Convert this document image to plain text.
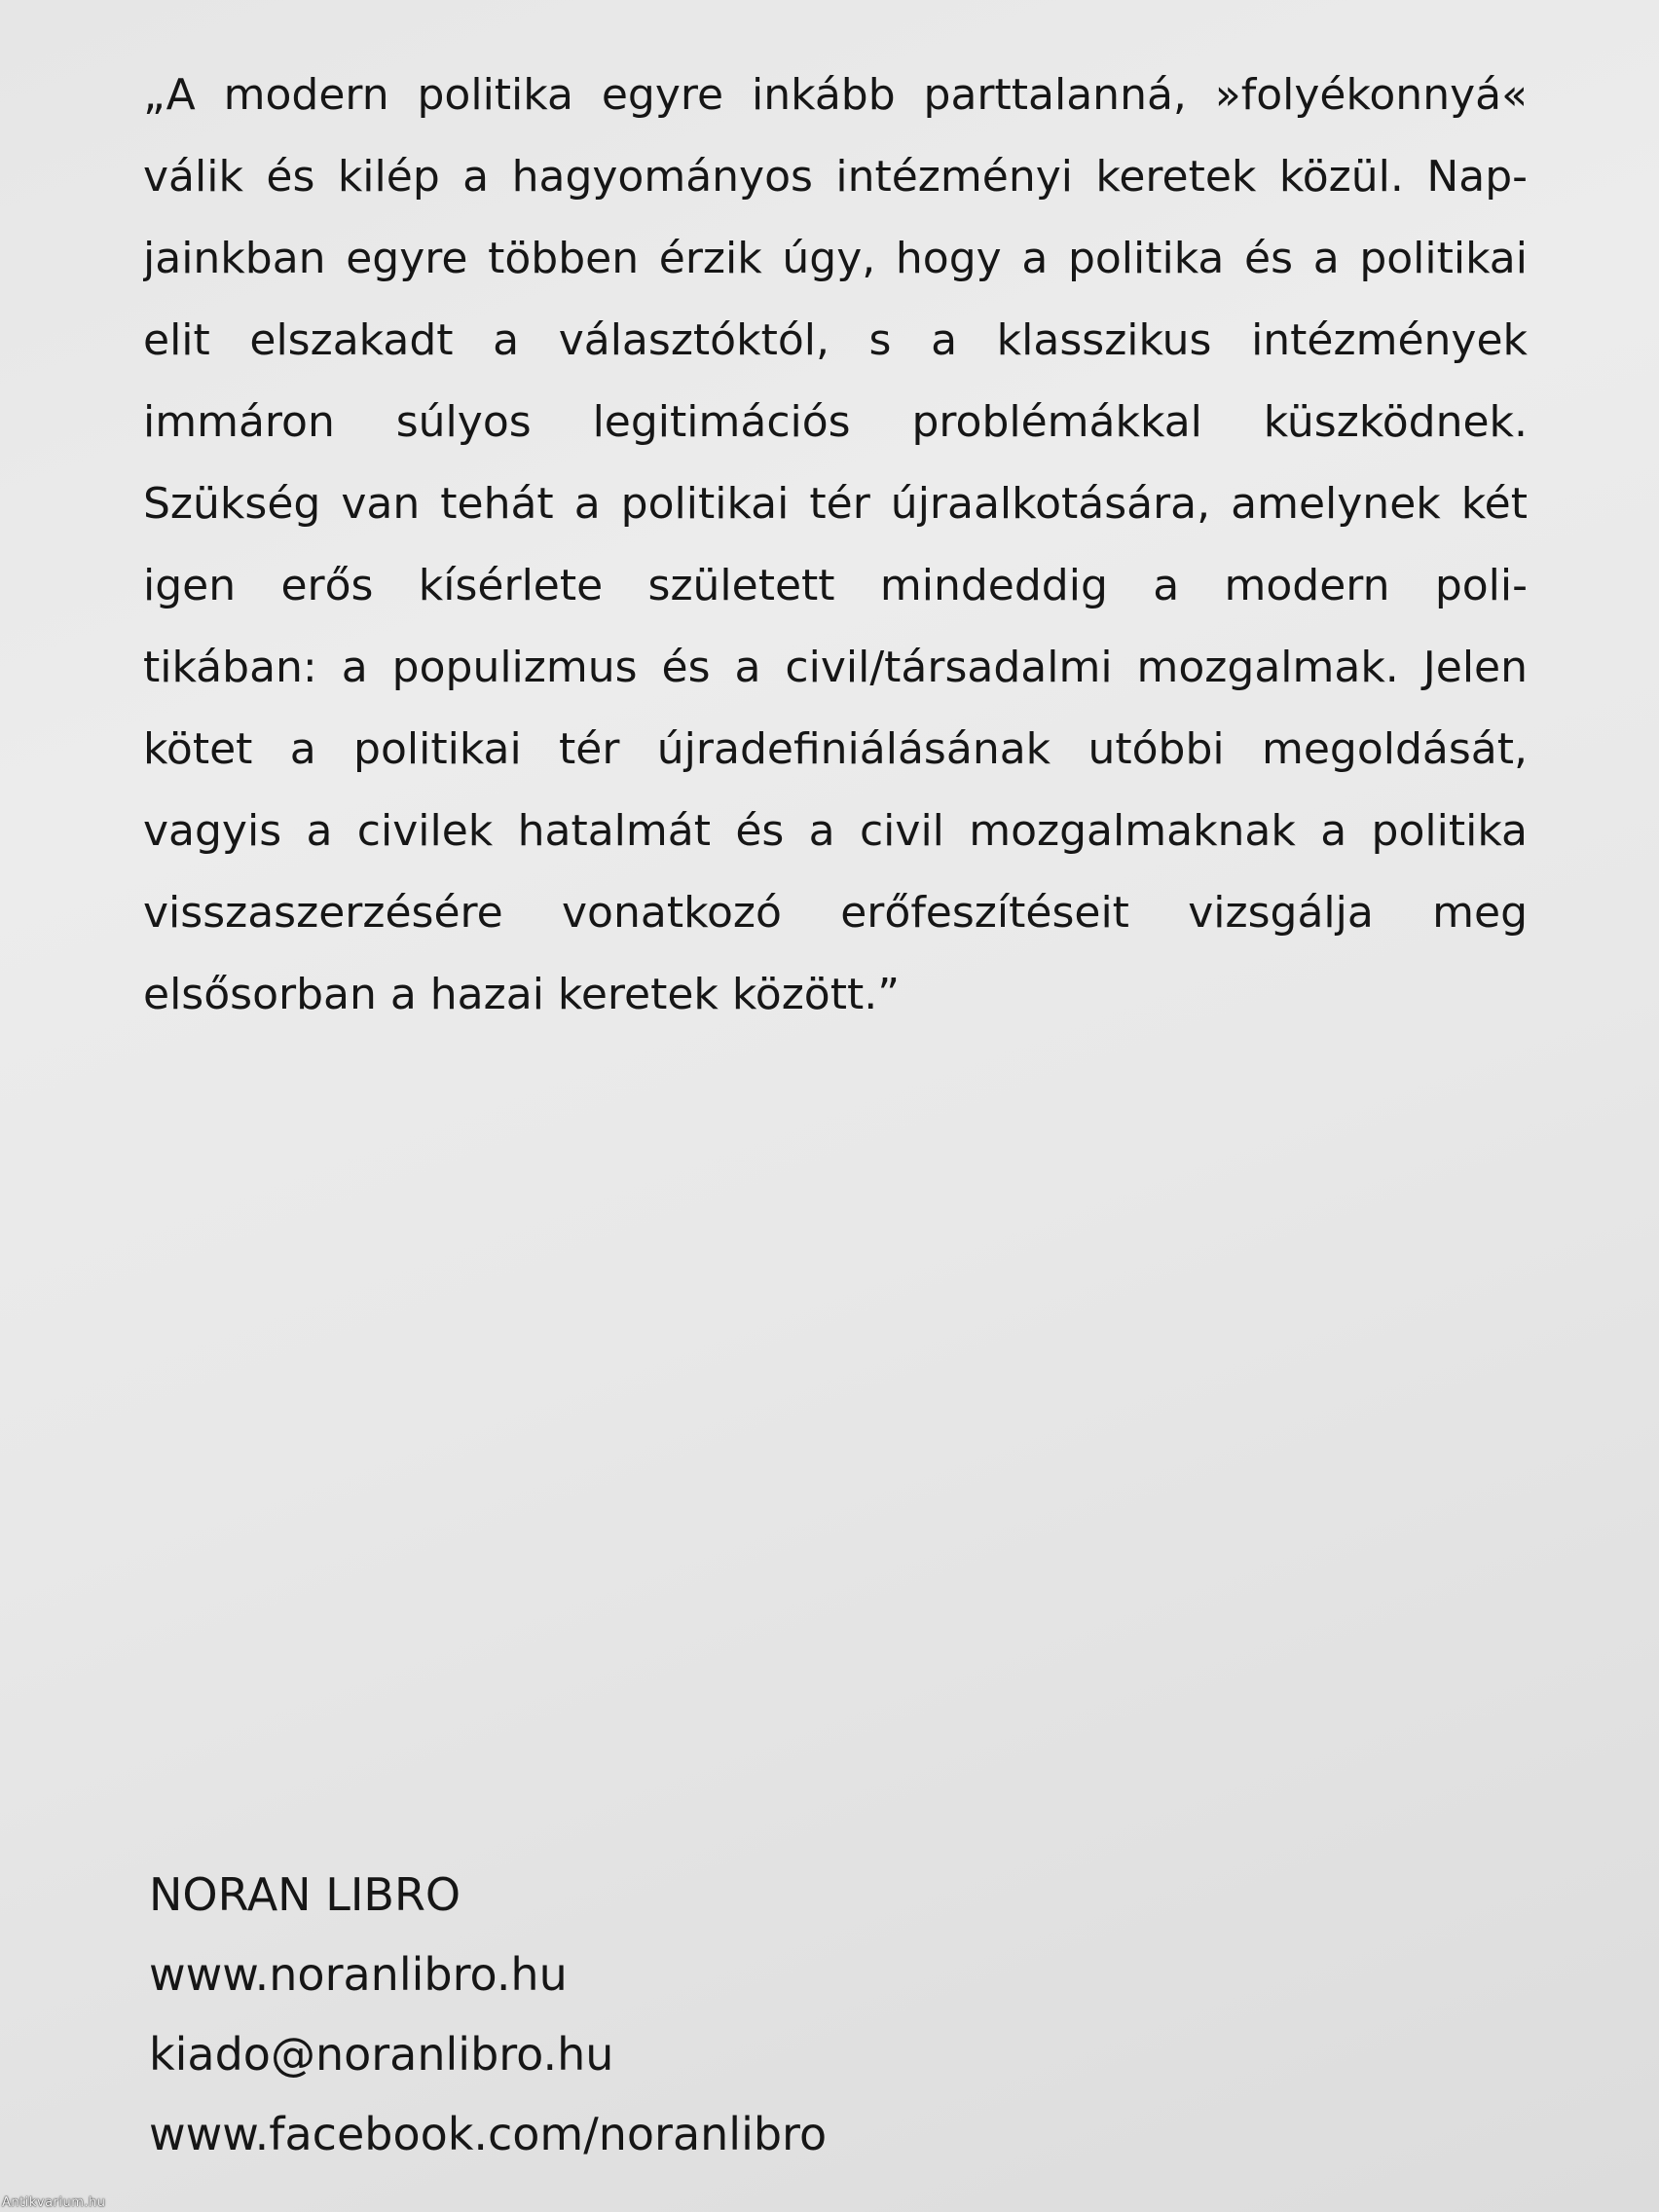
„A modern politika egyre inkább parttalanná, »folyékonnyá«
válik és kilép a hagyományos intézményi keretek közül. Nap-
jainkban egyre többen érzik úgy, hogy a politika és a politikai
elit elszakadt a választóktól, s a klasszikus intézmények
immáron súlyos legitimációs problémákkal küszködnek.
Szükség van tehát a politikai tér újraalkotására, amelynek két
igen erős kísérlete született mindeddig a modern poli-
tikában: a populizmus és a civil/társadalmi mozgalmak. Jelen
kötet a politikai tér újradefiniálásának utóbbi megoldását,
vagyis a civilek hatalmát és a civil mozgalmaknak a politika
visszaszerzésére vonatkozó erőfeszítéseit vizsgálja meg
elsősorban a hazai keretek között.”
NORAN LIBRO
www.noranlibro.hu
kiado@noranlibro.hu
www.facebook.com/noranlibro
Antikvarium.hu
